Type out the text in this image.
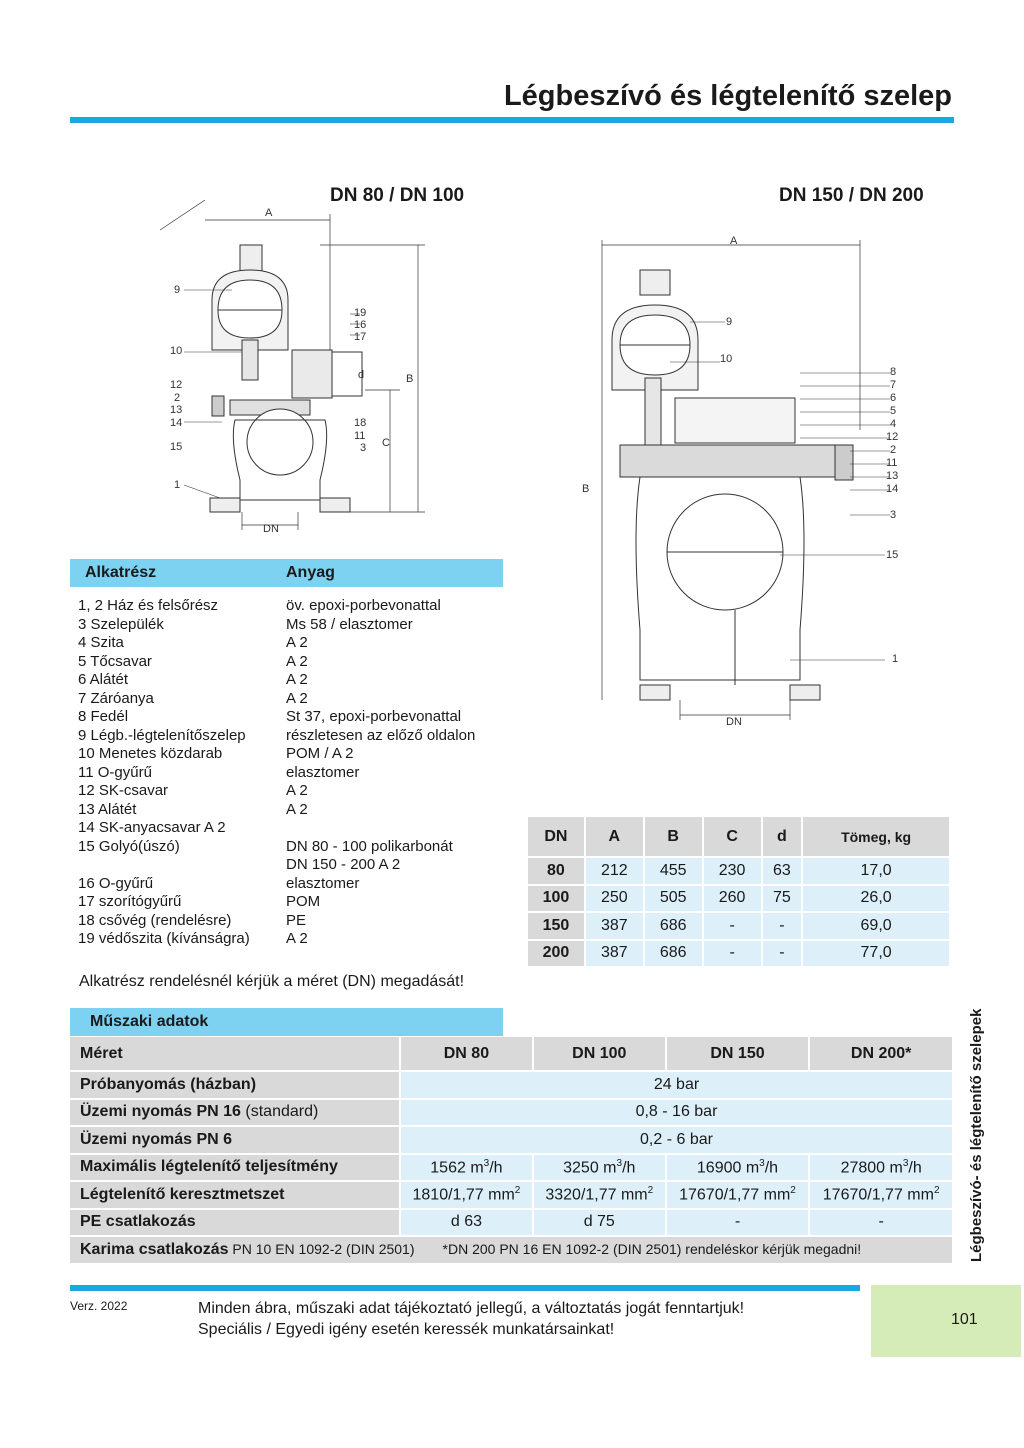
Légbeszívó és légtelenítő szelep
DN 80 / DN 100	DN 150 / DN 200
9
10
12
2
13
14
15
1
19
16
17
18
11
3
d	B
C
A
DN
9
10
8
7
6
5
4
12
2
11
13
14
3
15
1
A
B
DN
Alkatrész	Anyag
1, 2 Ház és felsőrész	öv. epoxi-porbevonattal
3 Szelepülék	Ms 58 / elasztomer
4 Szita	A 2
5 Tőcsavar	A 2
6 Alátét	A 2
7 Záróanya	A 2
8 Fedél	St 37, epoxi-porbevonattal
9 Légb.-légtelenítőszelep	részletesen az előző oldalon
10 Menetes közdarab	POM / A 2
11 O-gyűrű	elasztomer
12 SK-csavar	A 2
13 Alátét	A 2
14 SK-anyacsavar A 2
15 Golyó(úszó)	DN 80 - 100 polikarbonát
DN 150 - 200 A 2
16 O-gyűrű	elasztomer
17 szorítógyűrű	POM
18 csővég (rendelésre)	PE
19 védőszita (kívánságra) A 2
DN	A	B	C	d	Tömeg, kg
80	212	455	230	63	17,0
100	250	505	260	75	26,0
150	387	686	-	-	69,0
200	387	686	-	-	77,0
Alkatrész rendelésnél kérjük a méret (DN) megadását!
Műszaki adatok
Méret	DN 80	DN 100	DN 150	DN 200*
Próbanyomás (házban)	24 bar			
Üzemi nyomás PN 16 (standard)	0,8 - 16 bar			
Üzemi nyomás PN 6	0,2 - 6 bar			
Maximális légtelenítő teljesítmény	1562 $m^3/h$	3250 $m^3/h$	16900 $m^3/h$	27800 $m^3/h$
Légtelenítő keresztmetszet	1810/1,77 $mm^2$	3320/1,77 $mm^2$	17670/1,77 $mm^2$	17670/1,77 $mm^2$
PE csatlakozás	d 63	d 75	-	-
Karima csatlakozás PN 10 EN 1092-2 (DIN 2501) *DN 200 PN 16 EN 1092-2 (DIN 2501) rendeléskor kérjük megadni!					Légbeszívó- és légtelenítő szelepek
101
Verz. 2022	Minden ábra, műszaki adat tájékoztató jellegű, a változtatás jogát fenntartjuk!
Speciális / Egyedi igény esetén keressék munkatársainkat!
